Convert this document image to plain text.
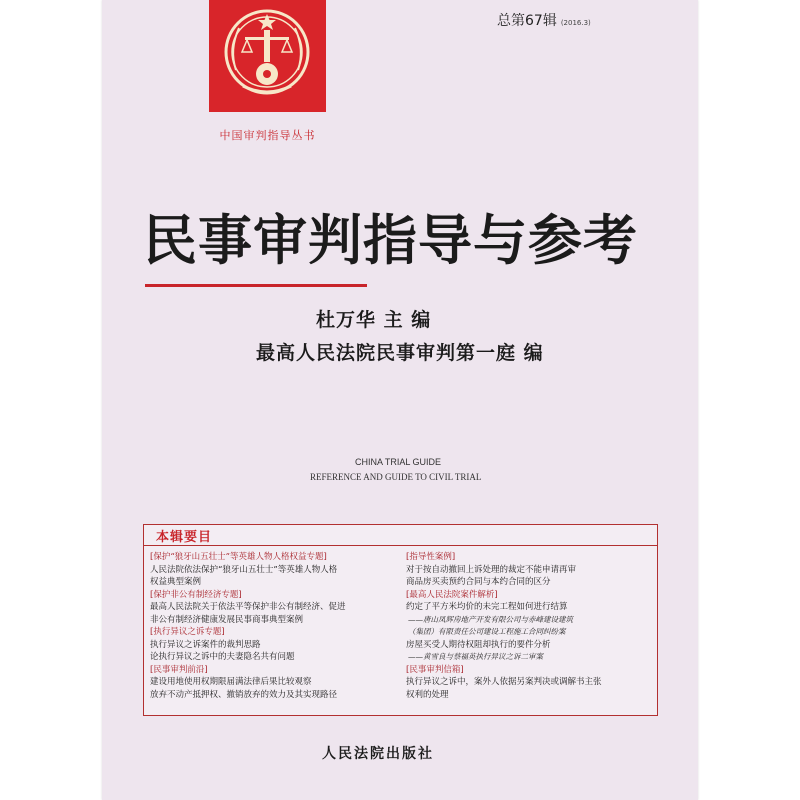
中国审判指导丛书
总第67辑 (2016.3)
民事审判指导与参考
杜万华 主 编
最高人民法院民事审判第一庭 编
CHINA TRIAL GUIDE
REFERENCE AND GUIDE TO CIVIL TRIAL
本辑要目
[保护“狼牙山五壮士”等英雄人物人格权益专题]
人民法院依法保护“狼牙山五壮士”等英雄人物人格
权益典型案例
[保护非公有制经济专题]
最高人民法院关于依法平等保护非公有制经济、促进
非公有制经济健康发展民事商事典型案例
[执行异议之诉专题]
执行异议之诉案件的裁判思路
论执行异议之诉中的夫妻隐名共有问题
[民事审判前沿]
建设用地使用权期限届满法律后果比较观察
放弃不动产抵押权、撤销放弃的效力及其实现路径
[指导性案例]
对于按自动撤回上诉处理的裁定不能申请再审
商品房买卖预约合同与本约合同的区分
[最高人民法院案件解析]
约定了平方米均价的未完工程如何进行结算
——唐山凤辉房地产开发有限公司与赤峰建设建筑
（集团）有限责任公司建设工程施工合同纠纷案
房屋买受人期待权阻却执行的要件分析
——黄雪良与蔡福英执行异议之诉二审案
[民事审判信箱]
执行异议之诉中，案外人依据另案判决或调解书主张
权利的处理
人民法院出版社
